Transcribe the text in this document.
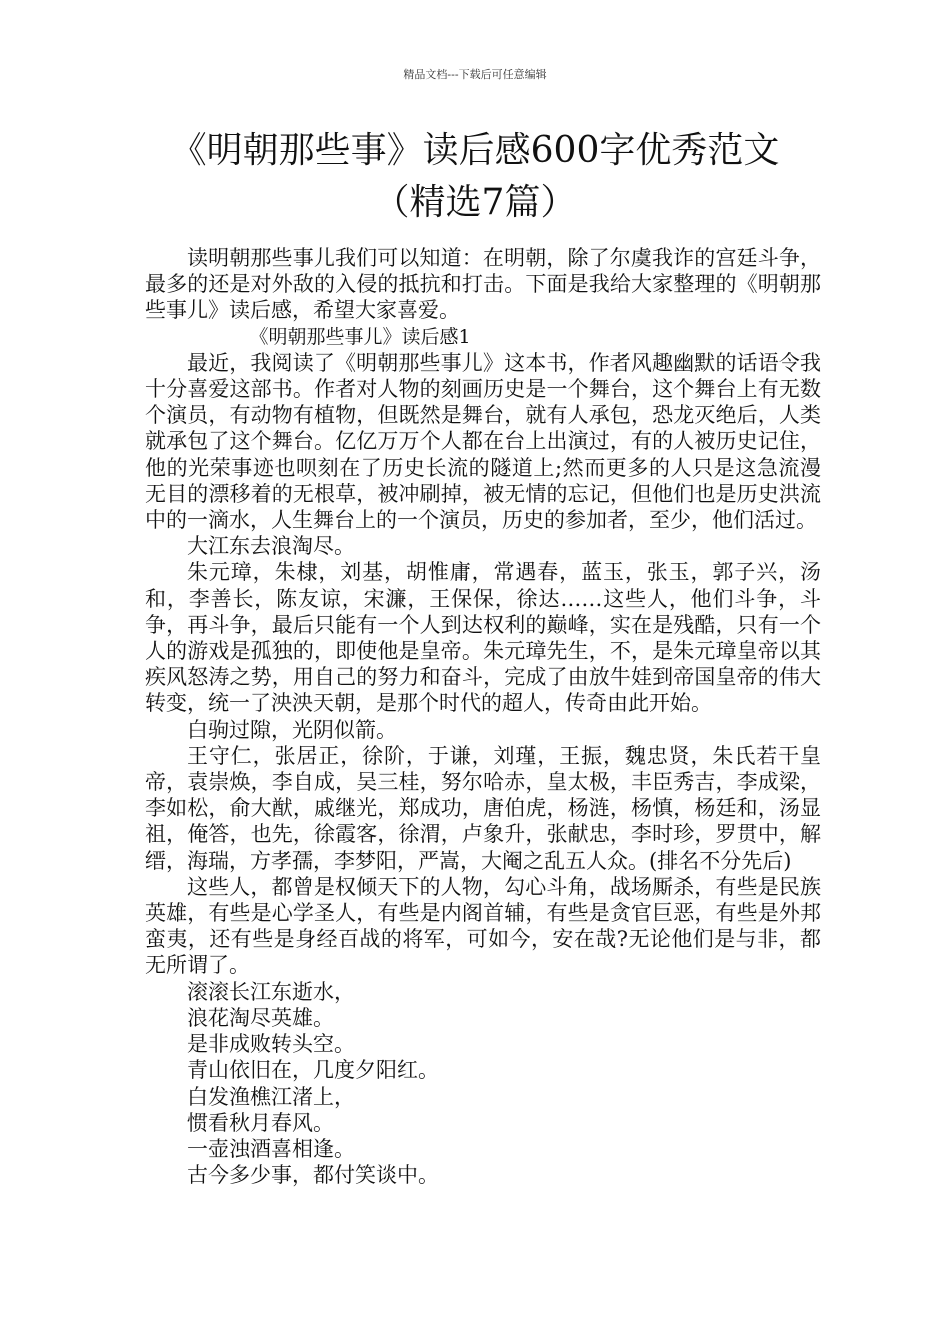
精品文档---下载后可任意编辑
《明朝那些事》读后感600字优秀范文
（精选7篇）

读明朝那些事儿我们可以知道：在明朝，除了尔虞我诈的宫廷斗争，最多的还是对外敌的入侵的抵抗和打击。下面是我给大家整理的《明朝那些事儿》读后感，希望大家喜爱。

《明朝那些事儿》读后感1

最近，我阅读了《明朝那些事儿》这本书，作者风趣幽默的话语令我十分喜爱这部书。作者对人物的刻画历史是一个舞台，这个舞台上有无数个演员，有动物有植物，但既然是舞台，就有人承包，恐龙灭绝后，人类就承包了这个舞台。亿亿万万个人都在台上出演过，有的人被历史记住，他的光荣事迹也呗刻在了历史长流的隧道上;然而更多的人只是这急流漫无目的漂移着的无根草，被冲刷掉，被无情的忘记，但他们也是历史洪流中的一滴水，人生舞台上的一个演员，历史的参加者，至少，他们活过。

大江东去浪淘尽。

朱元璋，朱棣，刘基，胡惟庸，常遇春，蓝玉，张玉，郭子兴，汤和，李善长，陈友谅，宋濂，王保保，徐达……这些人，他们斗争，斗争，再斗争，最后只能有一个人到达权利的巅峰，实在是残酷，只有一个人的游戏是孤独的，即使他是皇帝。朱元璋先生，不，是朱元璋皇帝以其疾风怒涛之势，用自己的努力和奋斗，完成了由放牛娃到帝国皇帝的伟大转变，统一了泱泱天朝，是那个时代的超人，传奇由此开始。

白驹过隙，光阴似箭。

王守仁，张居正，徐阶，于谦，刘瑾，王振，魏忠贤，朱氏若干皇帝，袁崇焕，李自成，吴三桂，努尔哈赤，皇太极，丰臣秀吉，李成梁，李如松，俞大猷，戚继光，郑成功，唐伯虎，杨涟，杨慎，杨廷和，汤显祖，俺答，也先，徐霞客，徐渭，卢象升，张献忠，李时珍，罗贯中，解缙，海瑞，方孝孺，李梦阳，严嵩，大阉之乱五人众。(排名不分先后)

这些人，都曾是权倾天下的人物，勾心斗角，战场厮杀，有些是民族英雄，有些是心学圣人，有些是内阁首辅，有些是贪官巨恶，有些是外邦蛮夷，还有些是身经百战的将军，可如今，安在哉?无论他们是与非，都无所谓了。

滚滚长江东逝水，

浪花淘尽英雄。

是非成败转头空。

青山依旧在，几度夕阳红。

白发渔樵江渚上，

惯看秋月春风。

一壶浊酒喜相逢。

古今多少事，都付笑谈中。
